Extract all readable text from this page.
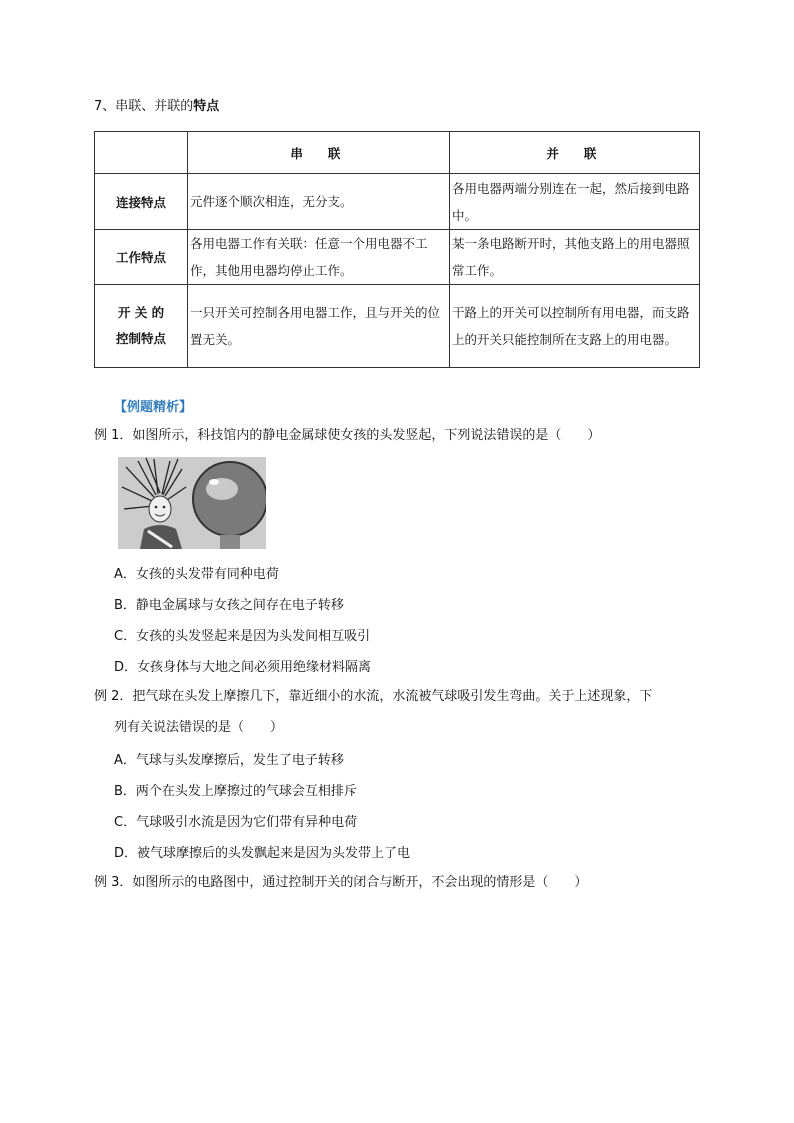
7、串联、并联的特点
	串　联	并　联
连接特点	元件逐个顺次相连，无分支。	各用电器两端分别连在一起，然后接到电路中。
工作特点	各用电器工作有关联：任意一个用电器不工作，其他用电器均停止工作。	某一条电路断开时，其他支路上的用电器照常工作。
开 关 的
控制特点	一只开关可控制各用电器工作，且与开关的位置无关。	干路上的开关可以控制所有用电器，而支路上的开关只能控制所在支路上的用电器。
【例题精析】
例 1．如图所示，科技馆内的静电金属球使女孩的头发竖起，下列说法错误的是（　　）
A．女孩的头发带有同种电荷
B．静电金属球与女孩之间存在电子转移
C．女孩的头发竖起来是因为头发间相互吸引
D．女孩身体与大地之间必须用绝缘材料隔离
例 2．把气球在头发上摩擦几下，靠近细小的水流，水流被气球吸引发生弯曲。关于上述现象，下
列有关说法错误的是（　　）
A．气球与头发摩擦后，发生了电子转移
B．两个在头发上摩擦过的气球会互相排斥
C．气球吸引水流是因为它们带有异种电荷
D．被气球摩擦后的头发飘起来是因为头发带上了电
例 3．如图所示的电路图中，通过控制开关的闭合与断开，不会出现的情形是（　　）
